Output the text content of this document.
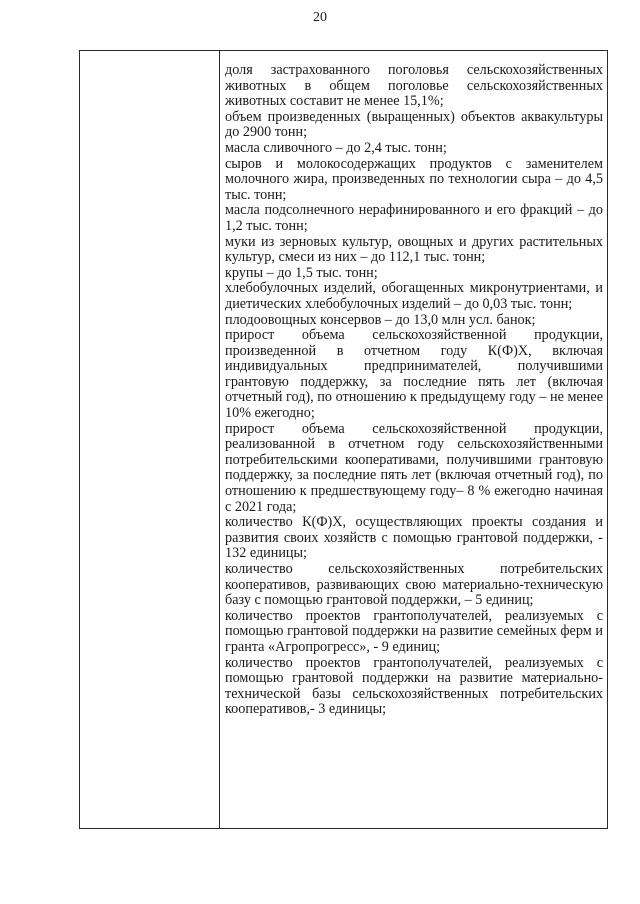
20

доля застрахованного поголовья сельскохозяйственных животных в общем поголовье сельскохозяйственных животных составит не менее 15,1%;

объем произведенных (выращенных) объектов аквакультуры до 2900 тонн;

масла сливочного – до 2,4 тыс. тонн;

сыров и молокосодержащих продуктов с заменителем молочного жира, произведенных по технологии сыра – до 4,5 тыс. тонн;

масла подсолнечного нерафинированного и его фракций – до 1,2 тыс. тонн;

муки из зерновых культур, овощных и других растительных культур, смеси из них – до 112,1 тыс. тонн;

крупы – до 1,5 тыс. тонн;

хлебобулочных изделий, обогащенных микронутриентами, и диетических хлебобулочных изделий – до 0,03 тыс. тонн;

плодоовощных консервов – до 13,0 млн усл. банок;

прирост объема сельскохозяйственной продукции, произведенной в отчетном году К(Ф)Х, включая индивидуальных предпринимателей, получившими грантовую поддержку, за последние пять лет (включая отчетный год), по отношению к предыдущему году – не менее 10% ежегодно;

прирост объема сельскохозяйственной продукции, реализованной в отчетном году сельскохозяйственными потребительскими кооперативами, получившими грантовую поддержку, за последние пять лет (включая отчетный год), по отношению к предшествующему году– 8 % ежегодно начиная с 2021 года;

количество К(Ф)Х, осуществляющих проекты создания и развития своих хозяйств с помощью грантовой поддержки, - 132 единицы;

количество сельскохозяйственных потребительских кооперативов, развивающих свою материально-техническую базу с помощью грантовой поддержки, – 5 единиц;

количество проектов грантополучателей, реализуемых с помощью грантовой поддержки на развитие семейных ферм и гранта «Агропрогресс», - 9 единиц;

количество проектов грантополучателей, реализуемых с помощью грантовой поддержки на развитие материально-технической базы сельскохозяйственных потребительских кооперативов,- 3 единицы;
